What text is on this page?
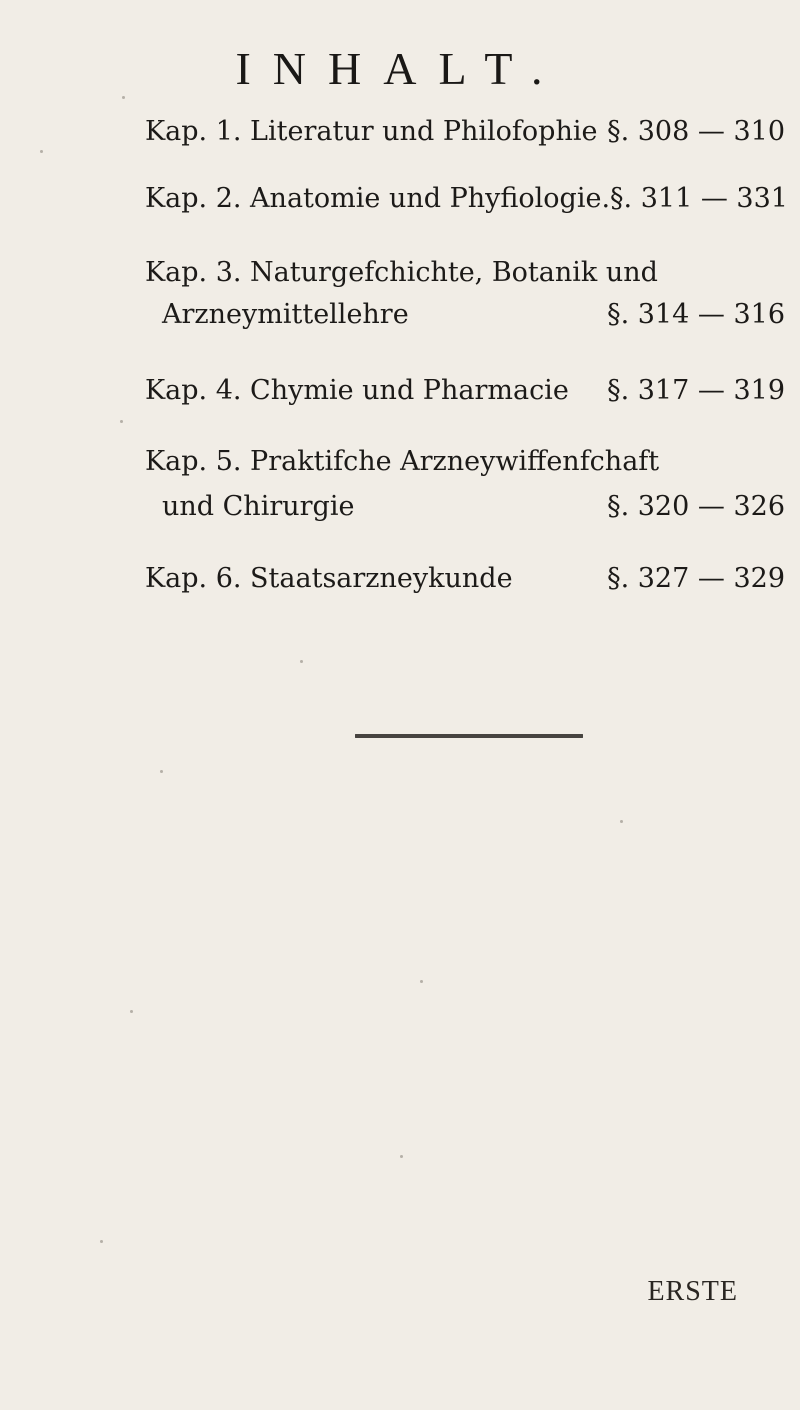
INHALT.
Kap. 1. Literatur und Philofophie §. 308 — 310
Kap. 2. Anatomie und Phyfiologie. §. 311 — 331
Kap. 3. Naturgefchichte, Botanik und
Arzneymittellehre	§. 314 — 316
Kap. 4. Chymie und Pharmacie §. 317 — 319
Kap. 5. Praktifche Arzneywiffenfchaft
und Chirurgie	§. 320 — 326
Kap. 6. Staatsarzneykunde	§. 327 — 329
ERSTE
